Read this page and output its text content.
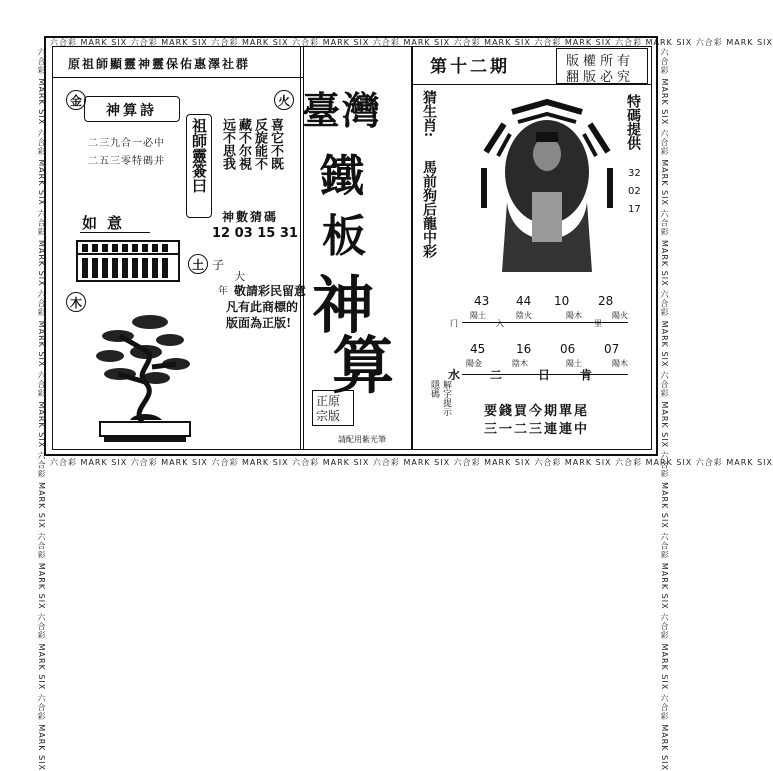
六合彩 MARK SIX 六合彩 MARK SIX 六合彩 MARK SIX 六合彩 MARK SIX 六合彩 MARK SIX 六合彩 MARK SIX 六合彩 MARK SIX 六合彩 MARK SIX 六合彩 MARK SIX
六合彩 MARK SIX 六合彩 MARK SIX 六合彩 MARK SIX 六合彩 MARK SIX 六合彩 MARK SIX 六合彩 MARK SIX 六合彩 MARK SIX 六合彩 MARK SIX 六合彩 MARK SIX
六合彩 MARK SIX 六合彩 MARK SIX 六合彩 MARK SIX 六合彩 MARK SIX 六合彩 MARK SIX 六合彩 MARK SIX 六合彩 MARK SIX 六合彩 MARK SIX 六合彩 MARK SIX	六合彩 MARK SIX 六合彩 MARK SIX 六合彩 MARK SIX 六合彩 MARK SIX 六合彩 MARK SIX 六合彩 MARK SIX 六合彩 MARK SIX 六合彩 MARK SIX 六合彩 MARK SIX
原祖師顯靈神靈保佑惠澤社群
金	火
神算詩
二三九合一必中
二五三零特碼并 祖師靈簽曰	喜它不既
反旋能不
藏不尔視
远不思我
如意	神數猜碼
12 03 15 31
土 子
大
年
木
敬請彩民留意
凡有此商標的
版面為正版!
臺灣
鐵
板
神
算
正原宗版
請配用紫光筆
第十二期	版權所有
翻版必究
猜生肖:
馬前狗后龍中彩
特碼提供
32
02
17
43 44 10 28
陽土	陰火	陽木	陽火
门	入	里
45	16 06 07
陽金	陰木	陽土	陽木
水 二	日 肯
解字提示
隱碼
要錢買今期單尾
三一二三連連中
